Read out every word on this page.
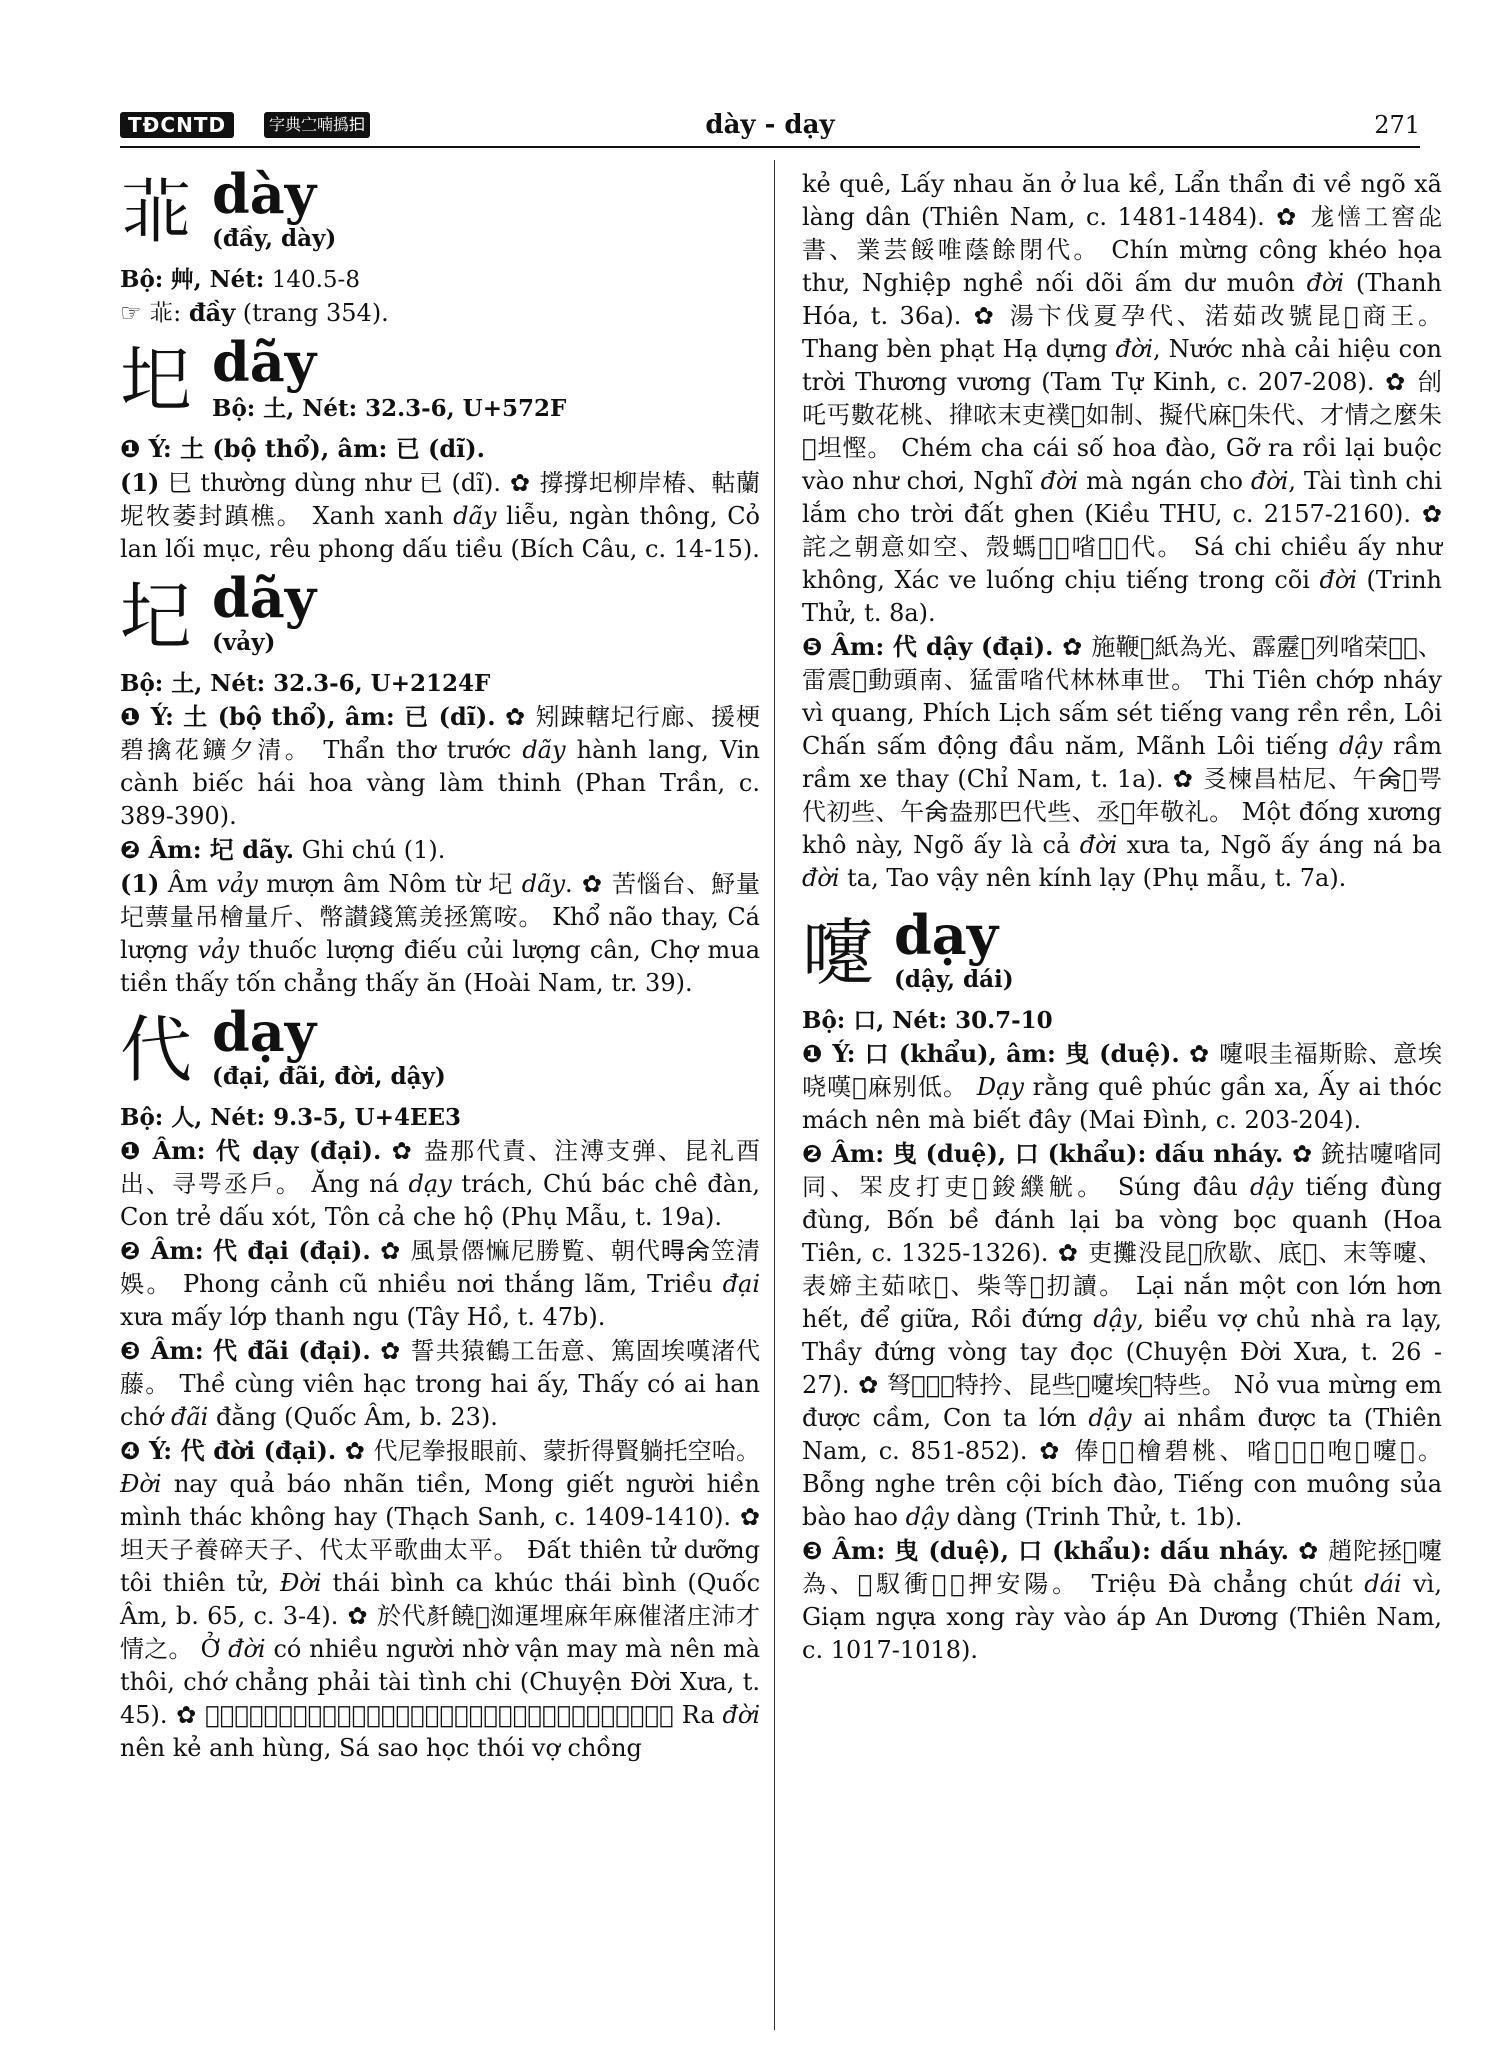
TĐCNTD	字典㝉喃撝𢪏	dày - dạy	271
𦮃 dày
(đầy, dày)
Bộ: 艸, Nét: 140.5-8

☞ 𦮃: đầy (trang 354).

圯 dãy
Bộ: 土, Nét: 32.3-6, U+572F

❶ Ý: 土 (bộ thổ), âm: 已 (dĩ).

(1) 巳 thường dùng như 已 (dĩ). ✿ 撐撐圯柳岸椿、軲蘭坭牧萎封蹎樵。 Xanh xanh dãy liễu, ngàn thông, Cỏ lan lối mục, rêu phong dấu tiều (Bích Câu, c. 14-15).

圮 dãy
(vảy)
Bộ: 土, Nét: 32.3-6, U+2124F

❶ Ý: 土 (bộ thổ), âm: 已 (dĩ). ✿ 矧踈轄圮行廊、援梗碧擒花鑛夕清。 Thẩn thơ trước dãy hành lang, Vin cành biếc hái hoa vàng làm thinh (Phan Trần, c. 389-390).

❷ Âm: 圮 dãy. Ghi chú (1).

(1) Âm vảy mượn âm Nôm từ 圮 dãy. ✿ 苦惱台、魣量圮蔈量吊檜量斤、幣讃錢篤羙拯篤咹。 Khổ não thay, Cá lượng vảy thuốc lượng điếu củi lượng cân, Chợ mua tiền thấy tốn chẳng thấy ăn (Hoài Nam, tr. 39).

代 dạy
(đại, đãi, đời, dậy)
Bộ: 人, Nét: 9.3-5, U+4EE3

❶ Âm: 代 dạy (đại). ✿ 盎那代責、注溥支弹、昆礼酉出、寻咢丞戶。 Ăng ná dạy trách, Chú bác chê đàn, Con trẻ dấu xót, Tôn cả che hộ (Phụ Mẫu, t. 19a).

❷ Âm: 代 đại (đại). ✿ 風景𠎣𢠩尼勝覧、朝代𣈜𠇮笠清娛。 Phong cảnh cũ nhiều nơi thắng lãm, Triều đại xưa mấy lớp thanh ngu (Tây Hồ, t. 47b).

❸ Âm: 代 đãi (đại). ✿ 誓共猿鶴工缶意、篤固埃嘆渚代藤。 Thề cùng viên hạc trong hai ấy, Thấy có ai han chớ đãi đằng (Quốc Âm, b. 23).

❹ Ý: 代 đời (đại). ✿ 代尼拳报眼前、蒙折得賢躺托空咍。 Đời nay quả báo nhãn tiền, Mong giết người hiền mình thác không hay (Thạch Sanh, c. 1409-1410). ✿ 坦天子養碎天子、代太平歌曲太平。 Đất thiên tử dưỡng tôi thiên tử, Đời thái bình ca khúc thái bình (Quốc Âm, b. 65, c. 3-4). ✿ 於代𠦳饒𩵜洳運埋麻年麻催渚庄沛才情之。 Ở đời có nhiều người nhờ vận may mà nên mà thôi, chớ chẳng phải tài tình chi (Chuyện Đời Xưa, t. 45). ✿ 𦋦代𢧚几英雄、詫牢学態媎𡢐几圭、𥈺饒咹於盧𡍚、𠦳矧𢀭術𦖻社廊民。 Ra đời nên kẻ anh hùng, Sá sao học thói vợ chồng

kẻ quê, Lấy nhau ăn ở lua kề, Lẩn thẩn đi về ngõ xã làng dân (Thiên Nam, c. 1481-1484). ✿ 尨𢢆工窖㕾書、業芸餒唯蔭餘閉代。 Chín mừng công khéo họa thư, Nghiệp nghề nối dõi ấm dư muôn đời (Thanh Hóa, t. 36a). ✿ 湯卞伐夏孕代、渃茹改號昆𡗶商王。 Thang bèn phạt Hạ dựng đời, Nước nhà cải hiệu con trời Thương vương (Tam Tự Kinh, c. 207-208). ✿ 刣吒丐數花桃、𢯰𠲖末吏襆𠃅如制、擬代麻𠴍朱代、才情之麼朱𡗶坦慳。 Chém cha cái số hoa đào, Gỡ ra rồi lại buộc vào như chơi, Nghĩ đời mà ngán cho đời, Tài tình chi lắm cho trời đất ghen (Kiều THU, c. 2157-2160). ✿ 詫之朝意如空、殼螞𡍙𦋦㗂𣈜𡓇代。 Sá chi chiều ấy như không, Xác ve luống chịu tiếng trong cõi đời (Trinh Thử, t. 8a).

❺ Âm: 代 dậy (đại). ✿ 施鞭𤈜紙為光、霹靂𩆢列㗂荣𠽖𠽖、雷震𩆢動頭南、猛雷㗂代林林車世。 Thi Tiên chớp nháy vì quang, Phích Lịch sấm sét tiếng vang rền rền, Lôi Chấn sấm động đầu năm, Mãnh Lôi tiếng dậy rầm rầm xe thay (Chỉ Nam, t. 1a). ✿ 㕛楝昌枯尼、午𠇮𡨹咢代初些、午𠇮盎那巴代些、丞𡗶年敬礼。 Một đống xương khô này, Ngõ ấy là cả đời xưa ta, Ngõ ấy áng ná ba đời ta, Tao vậy nên kính lạy (Phụ mẫu, t. 7a).

嚔 dạy
(dậy, dái)
Bộ: 口, Nét: 30.7-10

❶ Ý: 口 (khẩu), âm: 曳 (duệ). ✿ 嚔哏圭福斯賒、意埃哓嘆𨁪麻别低。 Dạy rằng quê phúc gần xa, Ấy ai thóc mách nên mà biết đây (Mai Đình, c. 203-204).

❷ Âm: 曳 (duệ), 口 (khẩu): dấu nháy. ✿ 銃𢫈嚔㗂同同、𦊚皮打吏𢀲鋑纀觥。 Súng đâu dậy tiếng đùng đùng, Bốn bề đánh lại ba vòng bọc quanh (Hoa Tiên, c. 1325-1326). ✿ 吏攤没昆𡗉欣歇、底𥪝、末等嚔、表媂主茹𠲖𢷀、柴等𦀊㧅讀。 Lại nắn một con lớn hơn hết, để giữa, Rồi đứng dậy, biểu vợ chủ nhà ra lạy, Thầy đứng vòng tay đọc (Chuyện Đời Xưa, t. 26 - 27). ✿ 弩𢜠𢘾𡛔特扲、昆些𡘯嚔埃𥋴特些。 Nỏ vua mừng em được cầm, Con ta lớn dậy ai nhầm được ta (Thiên Nam, c. 851-852). ✿ 俸𦖑𨕭檜碧桃、㗂𤞼𤠄𠽐咆𣻆嚔𣅶。 Bỗng nghe trên cội bích đào, Tiếng con muông sủa bào hao dậy dàng (Trinh Thử, t. 1b).

❸ Âm: 曳 (duệ), 口 (khẩu): dấu nháy. ✿ 趙陀拯𢬣嚔為、𨀎馭衝𢩮𠓀押安陽。 Triệu Đà chẳng chút dái vì, Giạm ngựa xong rày vào áp An Dương (Thiên Nam, c. 1017-1018).
